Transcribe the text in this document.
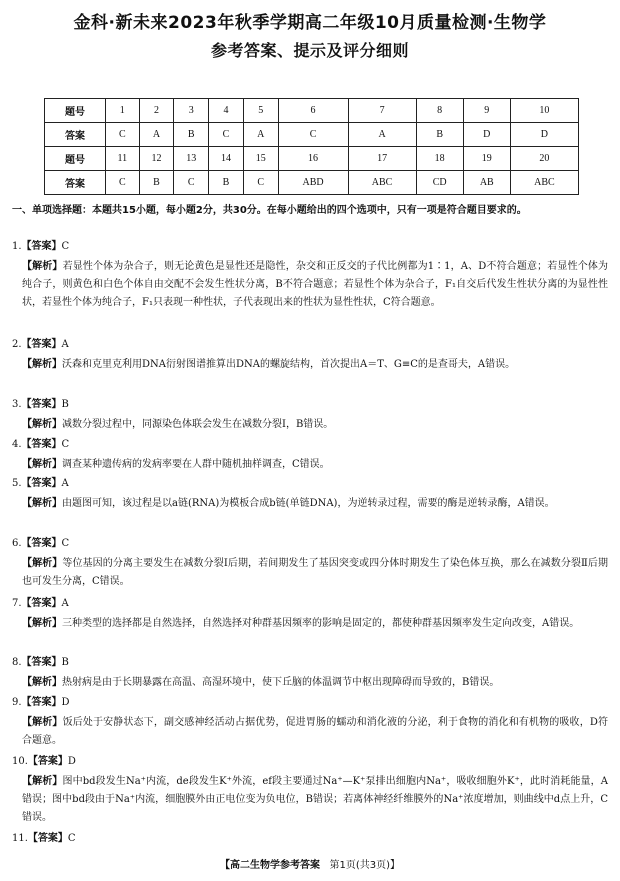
金科·新未来2023年秋季学期高二年级10月质量检测·生物学
参考答案、提示及评分细则
题号	1	2	3	4	5	6	7	8	9	10
答案	C	A	B	C	A	C	A	B	D	D
题号	11	12	13	14	15	16	17	18	19	20
答案	C	B	C	B	C	ABD	ABC	CD	AB	ABC
一、单项选择题：本题共15小题，每小题2分，共30分。在每小题给出的四个选项中，只有一项是符合题目要求的。
1.【答案】C
【解析】若显性个体为杂合子，则无论黄色是显性还是隐性，杂交和正反交的子代比例都为1∶1，A、D不符合题意；若显性个体为纯合子，则黄色和白色个体自由交配不会发生性状分离，B不符合题意；若显性个体为杂合子，F₁自交后代发生性状分离的为显性性状，若显性个体为纯合子，F₁只表现一种性状，子代表现出来的性状为显性性状，C符合题意。
2.【答案】A
【解析】沃森和克里克利用DNA衍射图谱推算出DNA的螺旋结构，首次提出A＝T、G≡C的是查哥夫，A错误。
3.【答案】B
【解析】减数分裂过程中，同源染色体联会发生在减数分裂Ⅰ，B错误。
4.【答案】C
【解析】调查某种遗传病的发病率要在人群中随机抽样调查，C错误。
5.【答案】A
【解析】由题图可知，该过程是以a链(RNA)为模板合成b链(单链DNA)，为逆转录过程，需要的酶是逆转录酶，A错误。
6.【答案】C
【解析】等位基因的分离主要发生在减数分裂Ⅰ后期，若间期发生了基因突变或四分体时期发生了染色体互换，那么在减数分裂Ⅱ后期也可发生分离，C错误。
7.【答案】A
【解析】三种类型的选择都是自然选择，自然选择对种群基因频率的影响是固定的，都使种群基因频率发生定向改变，A错误。
8.【答案】B
【解析】热射病是由于长期暴露在高温、高湿环境中，使下丘脑的体温调节中枢出现障碍而导致的，B错误。
9.【答案】D
【解析】饭后处于安静状态下，副交感神经活动占据优势，促进胃肠的蠕动和消化液的分泌，利于食物的消化和有机物的吸收，D符合题意。
10.【答案】D
【解析】图中bd段发生Na⁺内流，de段发生K⁺外流，ef段主要通过Na⁺—K⁺泵排出细胞内Na⁺，吸收细胞外K⁺，此时消耗能量，A错误；图中bd段由于Na⁺内流，细胞膜外由正电位变为负电位，B错误；若离体神经纤维膜外的Na⁺浓度增加，则曲线中d点上升，C错误。
11.【答案】C
【高二生物学参考答案 第1页(共3页)】
